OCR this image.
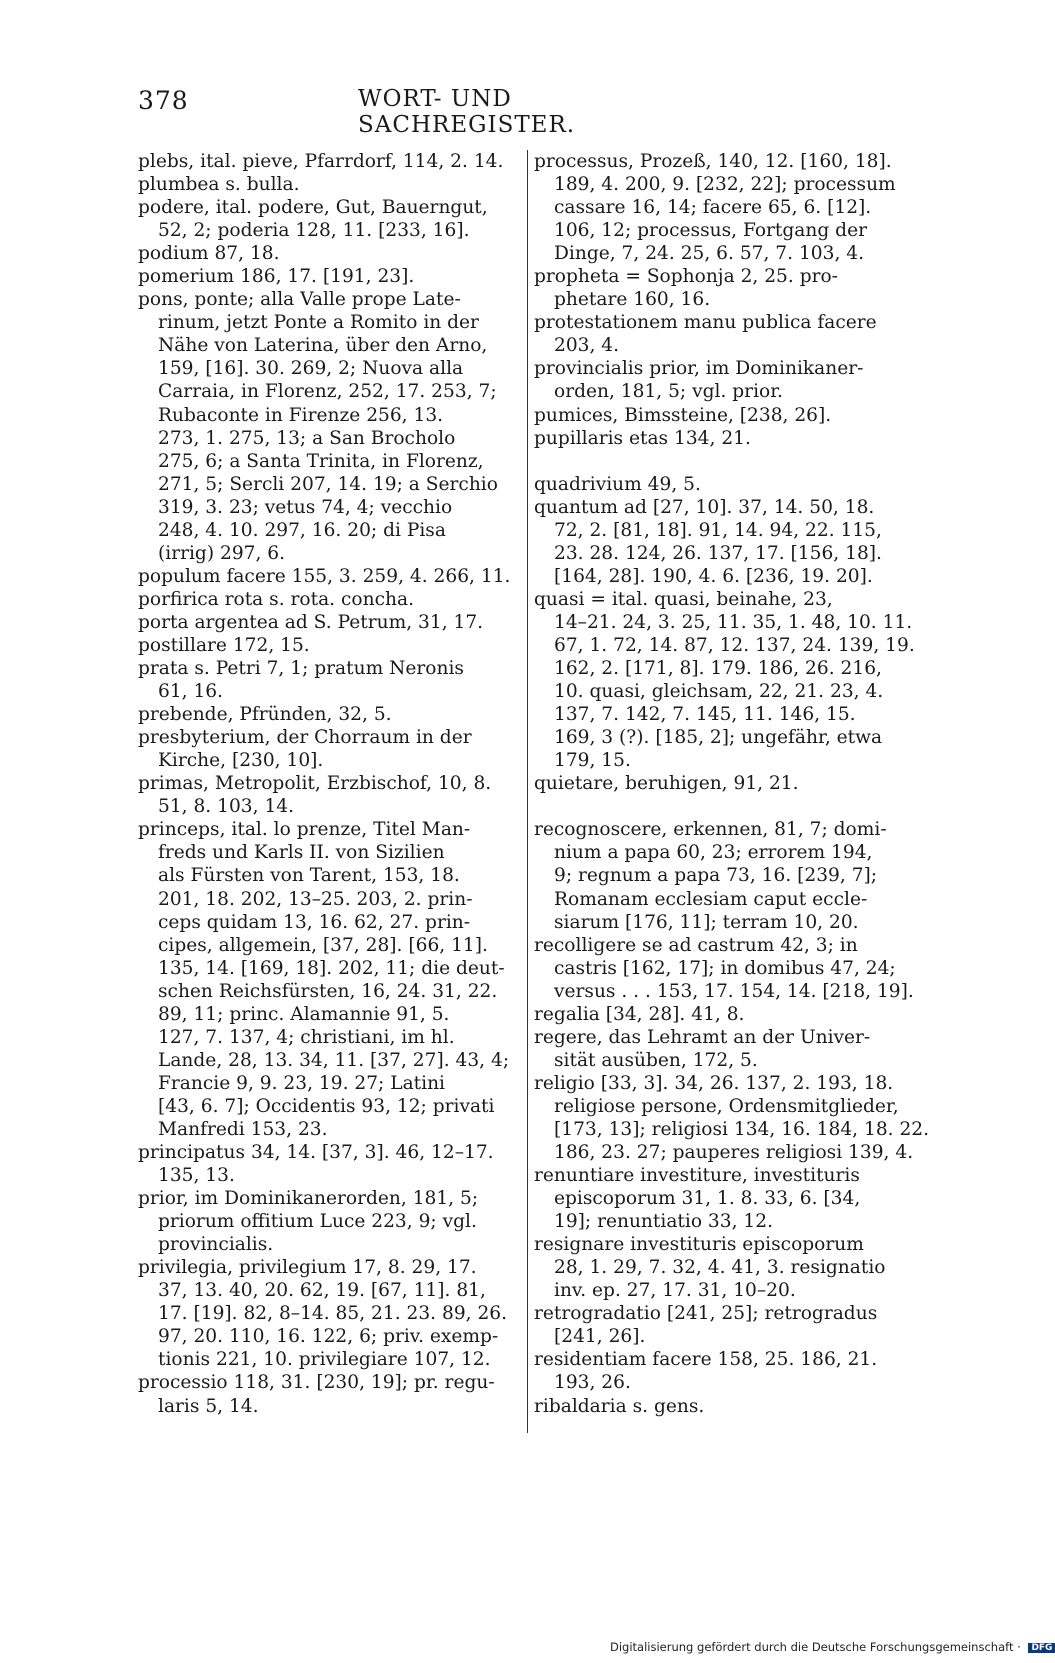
378	WORT- UND SACHREGISTER.
plebs, ital. pieve, Pfarrdorf, 114, 2. 14.
plumbea s. bulla.
podere, ital. podere, Gut, Bauerngut,
52, 2; poderia 128, 11. [233, 16].
podium 87, 18.
pomerium 186, 17. [191, 23].
pons, ponte; alla Valle prope Late-
rinum, jetzt Ponte a Romito in der
Nähe von Laterina, über den Arno,
159, [16]. 30. 269, 2; Nuova alla
Carraia, in Florenz, 252, 17. 253, 7;
Rubaconte in Firenze 256, 13.
273, 1. 275, 13; a San Brocholo
275, 6; a Santa Trinita, in Florenz,
271, 5; Sercli 207, 14. 19; a Serchio
319, 3. 23; vetus 74, 4; vecchio
248, 4. 10. 297, 16. 20; di Pisa
(irrig) 297, 6.
populum facere 155, 3. 259, 4. 266, 11.
porfirica rota s. rota. concha.
porta argentea ad S. Petrum, 31, 17.
postillare 172, 15.
prata s. Petri 7, 1; pratum Neronis
61, 16.
prebende, Pfründen, 32, 5.
presbyterium, der Chorraum in der
Kirche, [230, 10].
primas, Metropolit, Erzbischof, 10, 8.
51, 8. 103, 14.
princeps, ital. lo prenze, Titel Man-
freds und Karls II. von Sizilien
als Fürsten von Tarent, 153, 18.
201, 18. 202, 13–25. 203, 2. prin-
ceps quidam 13, 16. 62, 27. prin-
cipes, allgemein, [37, 28]. [66, 11].
135, 14. [169, 18]. 202, 11; die deut-
schen Reichsfürsten, 16, 24. 31, 22.
89, 11; princ. Alamannie 91, 5.
127, 7. 137, 4; christiani, im hl.
Lande, 28, 13. 34, 11. [37, 27]. 43, 4;
Francie 9, 9. 23, 19. 27; Latini
[43, 6. 7]; Occidentis 93, 12; privati
Manfredi 153, 23.
principatus 34, 14. [37, 3]. 46, 12–17.
135, 13.
prior, im Dominikanerorden, 181, 5;
priorum offitium Luce 223, 9; vgl.
provincialis.
privilegia, privilegium 17, 8. 29, 17.
37, 13. 40, 20. 62, 19. [67, 11]. 81,
17. [19]. 82, 8–14. 85, 21. 23. 89, 26.
97, 20. 110, 16. 122, 6; priv. exemp-
tionis 221, 10. privilegiare 107, 12.
processio 118, 31. [230, 19]; pr. regu-
laris 5, 14.
processus, Prozeß, 140, 12. [160, 18].
189, 4. 200, 9. [232, 22]; processum
cassare 16, 14; facere 65, 6. [12].
106, 12; processus, Fortgang der
Dinge, 7, 24. 25, 6. 57, 7. 103, 4.
propheta = Sophonja 2, 25. pro-
phetare 160, 16.
protestationem manu publica facere
203, 4.
provincialis prior, im Dominikaner-
orden, 181, 5; vgl. prior.
pumices, Bimssteine, [238, 26].
pupillaris etas 134, 21.
quadrivium 49, 5.
quantum ad [27, 10]. 37, 14. 50, 18.
72, 2. [81, 18]. 91, 14. 94, 22. 115,
23. 28. 124, 26. 137, 17. [156, 18].
[164, 28]. 190, 4. 6. [236, 19. 20].
quasi = ital. quasi, beinahe, 23,
14–21. 24, 3. 25, 11. 35, 1. 48, 10. 11.
67, 1. 72, 14. 87, 12. 137, 24. 139, 19.
162, 2. [171, 8]. 179. 186, 26. 216,
10. quasi, gleichsam, 22, 21. 23, 4.
137, 7. 142, 7. 145, 11. 146, 15.
169, 3 (?). [185, 2]; ungefähr, etwa
179, 15.
quietare, beruhigen, 91, 21.
recognoscere, erkennen, 81, 7; domi-
nium a papa 60, 23; errorem 194,
9; regnum a papa 73, 16. [239, 7];
Romanam ecclesiam caput eccle-
siarum [176, 11]; terram 10, 20.
recolligere se ad castrum 42, 3; in
castris [162, 17]; in domibus 47, 24;
versus . . . 153, 17. 154, 14. [218, 19].
regalia [34, 28]. 41, 8.
regere, das Lehramt an der Univer-
sität ausüben, 172, 5.
religio [33, 3]. 34, 26. 137, 2. 193, 18.
religiose persone, Ordensmitglieder,
[173, 13]; religiosi 134, 16. 184, 18. 22.
186, 23. 27; pauperes religiosi 139, 4.
renuntiare investiture, investituris
episcoporum 31, 1. 8. 33, 6. [34,
19]; renuntiatio 33, 12.
resignare investituris episcoporum
28, 1. 29, 7. 32, 4. 41, 3. resignatio
inv. ep. 27, 17. 31, 10–20.
retrogradatio [241, 25]; retrogradus
[241, 26].
residentiam facere 158, 25. 186, 21.
193, 26.
ribaldaria s. gens.
Digitalisierung gefördert durch die Deutsche Forschungsgemeinschaft · DFG
